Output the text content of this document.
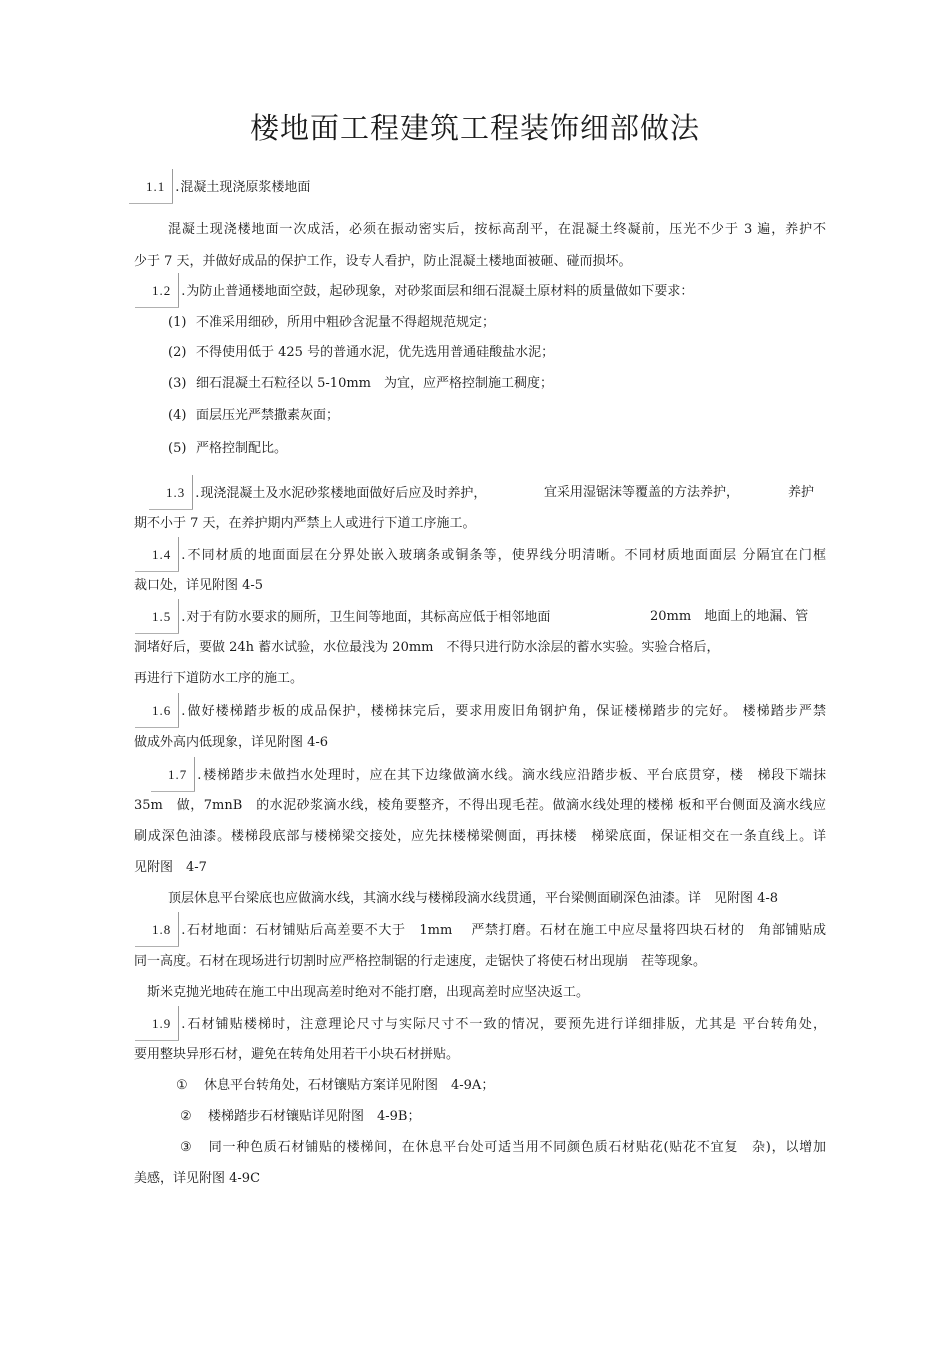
楼地面工程建筑工程装饰细部做法
1.1 .混凝土现浇原浆楼地面
混凝土现浇楼地面一次成活，必须在振动密实后，按标高刮平，在混凝土终凝前，压光不少于 3 遍，养护不
少于 7 天，并做好成品的保护工作，设专人看护，防止混凝土楼地面被砸、碰而损坏。
1.2 .为防止普通楼地面空鼓，起砂现象，对砂浆面层和细石混凝土原材料的质量做如下要求：
(1) 不准采用细砂，所用中粗砂含泥量不得超规范规定；
(2) 不得使用低于 425 号的普通水泥，优先选用普通硅酸盐水泥；
(3) 细石混凝土石粒径以 5-10mm　为宜，应严格控制施工稠度；
(4) 面层压光严禁撒素灰面；
(5) 严格控制配比。
1.3 .现浇混凝土及水泥砂浆楼地面做好后应及时养护，	宜采用湿锯沫等覆盖的方法养护，	养护
期不小于 7 天，在养护期内严禁上人或进行下道工序施工。
1.4 .不同材质的地面面层在分界处嵌入玻璃条或铜条等，使界线分明清晰。不同材质地面面层 分隔宜在门框
裁口处，详见附图 4-5
1.5 .对于有防水要求的厕所，卫生间等地面，其标高应低于相邻地面	20mm　地面上的地漏、管
洞堵好后，要做 24h 蓄水试验，水位最浅为 20mm　不得只进行防水涂层的蓄水实验。实验合格后，
再进行下道防水工序的施工。
1.6 .做好楼梯踏步板的成品保护，楼梯抹完后，要求用废旧角钢护角，保证楼梯踏步的完好。 楼梯踏步严禁
做成外高内低现象，详见附图 4-6
1.7 .楼梯踏步未做挡水处理时，应在其下边缘做滴水线。滴水线应沿踏步板、平台底贯穿，楼　梯段下端抹
35m　做，7mnB　的水泥砂浆滴水线，棱角要整齐，不得出现毛茬。做滴水线处理的楼梯 板和平台侧面及滴水线应
刷成深色油漆。楼梯段底部与楼梯梁交接处，应先抹楼梯梁侧面，再抹楼　梯梁底面，保证相交在一条直线上。详
见附图　4-7
顶层休息平台梁底也应做滴水线，其滴水线与楼梯段滴水线贯通，平台梁侧面刷深色油漆。详　见附图 4-8
1.8 .石材地面：石材铺贴后高差要不大于　1mm　 严禁打磨。石材在施工中应尽量将四块石材的　角部铺贴成
同一高度。石材在现场进行切割时应严格控制锯的行走速度，走锯快了将使石材出现崩　茬等现象。
斯米克抛光地砖在施工中出现高差时绝对不能打磨，出现高差时应坚决返工。
1.9 .石材铺贴楼梯时，注意理论尺寸与实际尺寸不一致的情况，要预先进行详细排版，尤其是 平台转角处，
要用整块异形石材，避免在转角处用若干小块石材拼贴。
① 休息平台转角处，石材镶贴方案详见附图　4-9A；
② 楼梯踏步石材镶贴详见附图　4-9B；
③ 同一种色质石材铺贴的楼梯间，在休息平台处可适当用不同颜色质石材贴花(贴花不宜复　杂)，以增加
美感，详见附图 4-9C
